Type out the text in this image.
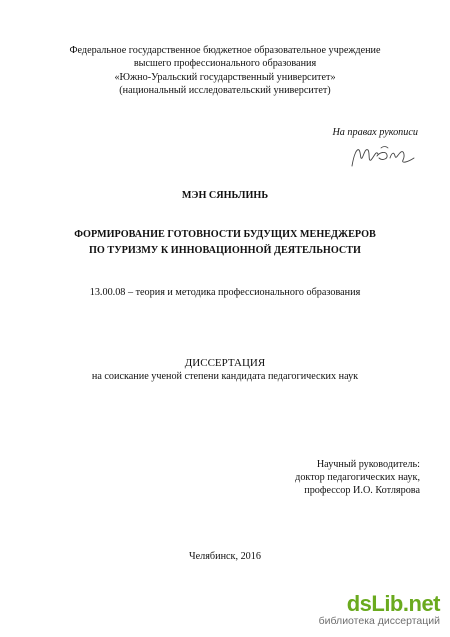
Федеральное государственное бюджетное образовательное учреждение
высшего профессионального образования
«Южно-Уральский государственный университет»
(национальный исследовательский университет)
На правах рукописи
МЭН СЯНЬЛИНЬ
ФОРМИРОВАНИЕ ГОТОВНОСТИ БУДУЩИХ МЕНЕДЖЕРОВ
ПО ТУРИЗМУ К ИННОВАЦИОННОЙ ДЕЯТЕЛЬНОСТИ
13.00.08 – теория и методика профессионального образования
ДИССЕРТАЦИЯ
на соискание ученой степени кандидата педагогических наук
Научный руководитель:
доктор педагогических наук,
профессор И.О. Котлярова
Челябинск, 2016
dsLib.net
библиотека диссертаций
